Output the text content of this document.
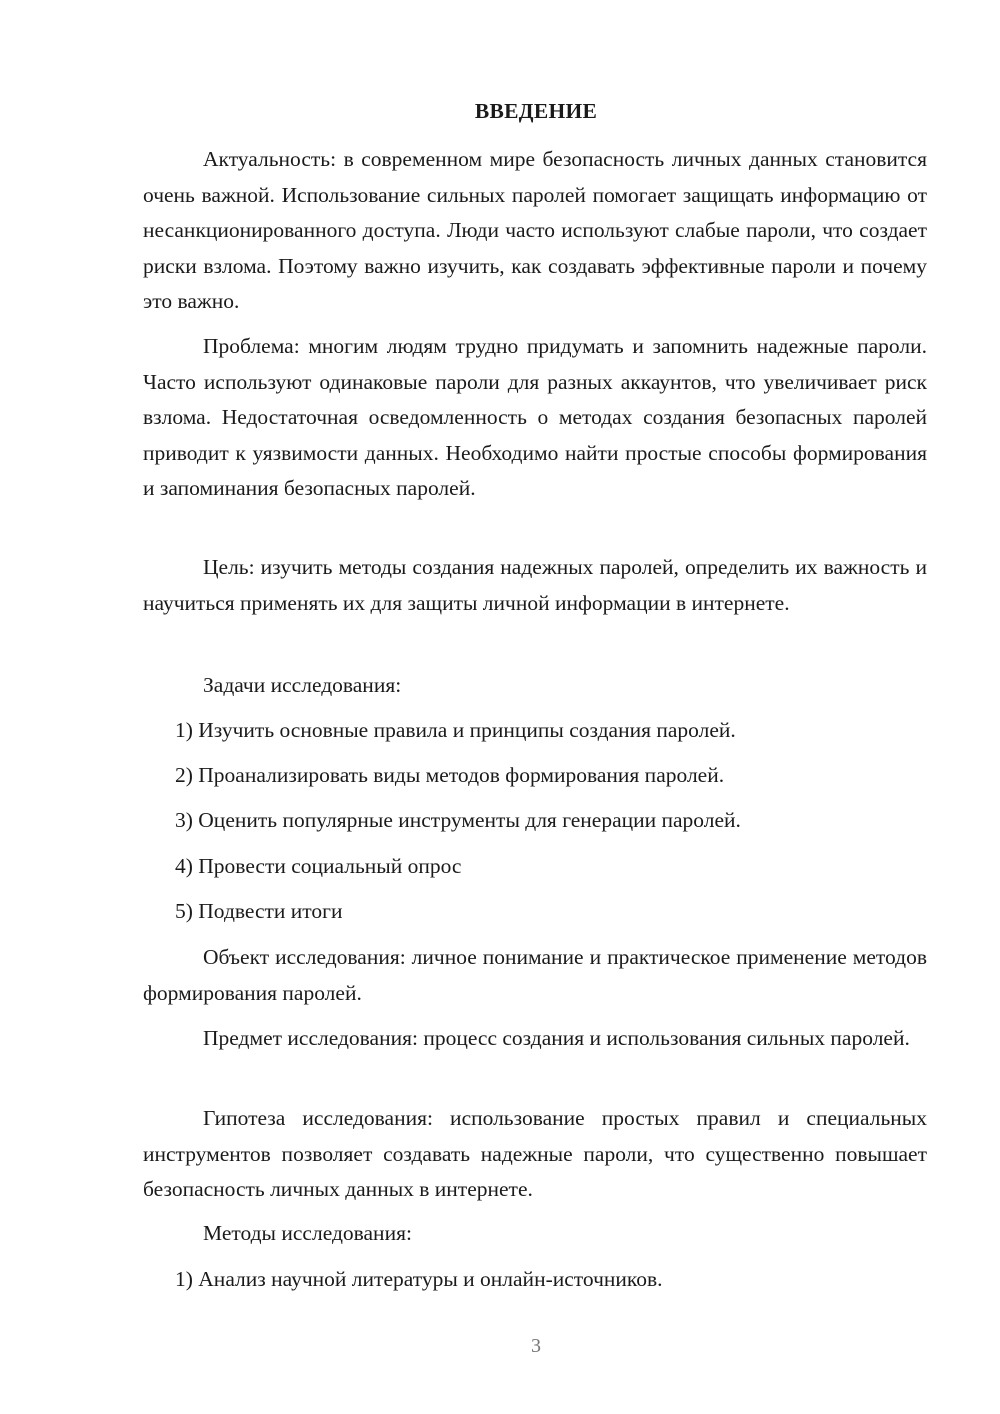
ВВЕДЕНИЕ

Актуальность: в современном мире безопасность личных данных становится очень важной. Использование сильных паролей помогает защищать информацию от несанкционированного доступа. Люди часто используют слабые пароли, что создает риски взлома. Поэтому важно изучить, как создавать эффективные пароли и почему это важно.

Проблема: многим людям трудно придумать и запомнить надежные пароли. Часто используют одинаковые пароли для разных аккаунтов, что увеличивает риск взлома. Недостаточная осведомленность о методах создания безопасных паролей приводит к уязвимости данных. Необходимо найти простые способы формирования и запоминания безопасных паролей.

Цель: изучить методы создания надежных паролей, определить их важность и научиться применять их для защиты личной информации в интернете.

Задачи исследования:

1) Изучить основные правила и принципы создания паролей.

2) Проанализировать виды методов формирования паролей.

3) Оценить популярные инструменты для генерации паролей.

4) Провести социальный опрос

5) Подвести итоги

Объект исследования: личное понимание и практическое применение методов формирования паролей.

Предмет исследования: процесс создания и использования сильных паролей.

Гипотеза исследования: использование простых правил и специальных инструментов позволяет создавать надежные пароли, что существенно повышает безопасность личных данных в интернете.

Методы исследования:

1) Анализ научной литературы и онлайн-источников.

3
